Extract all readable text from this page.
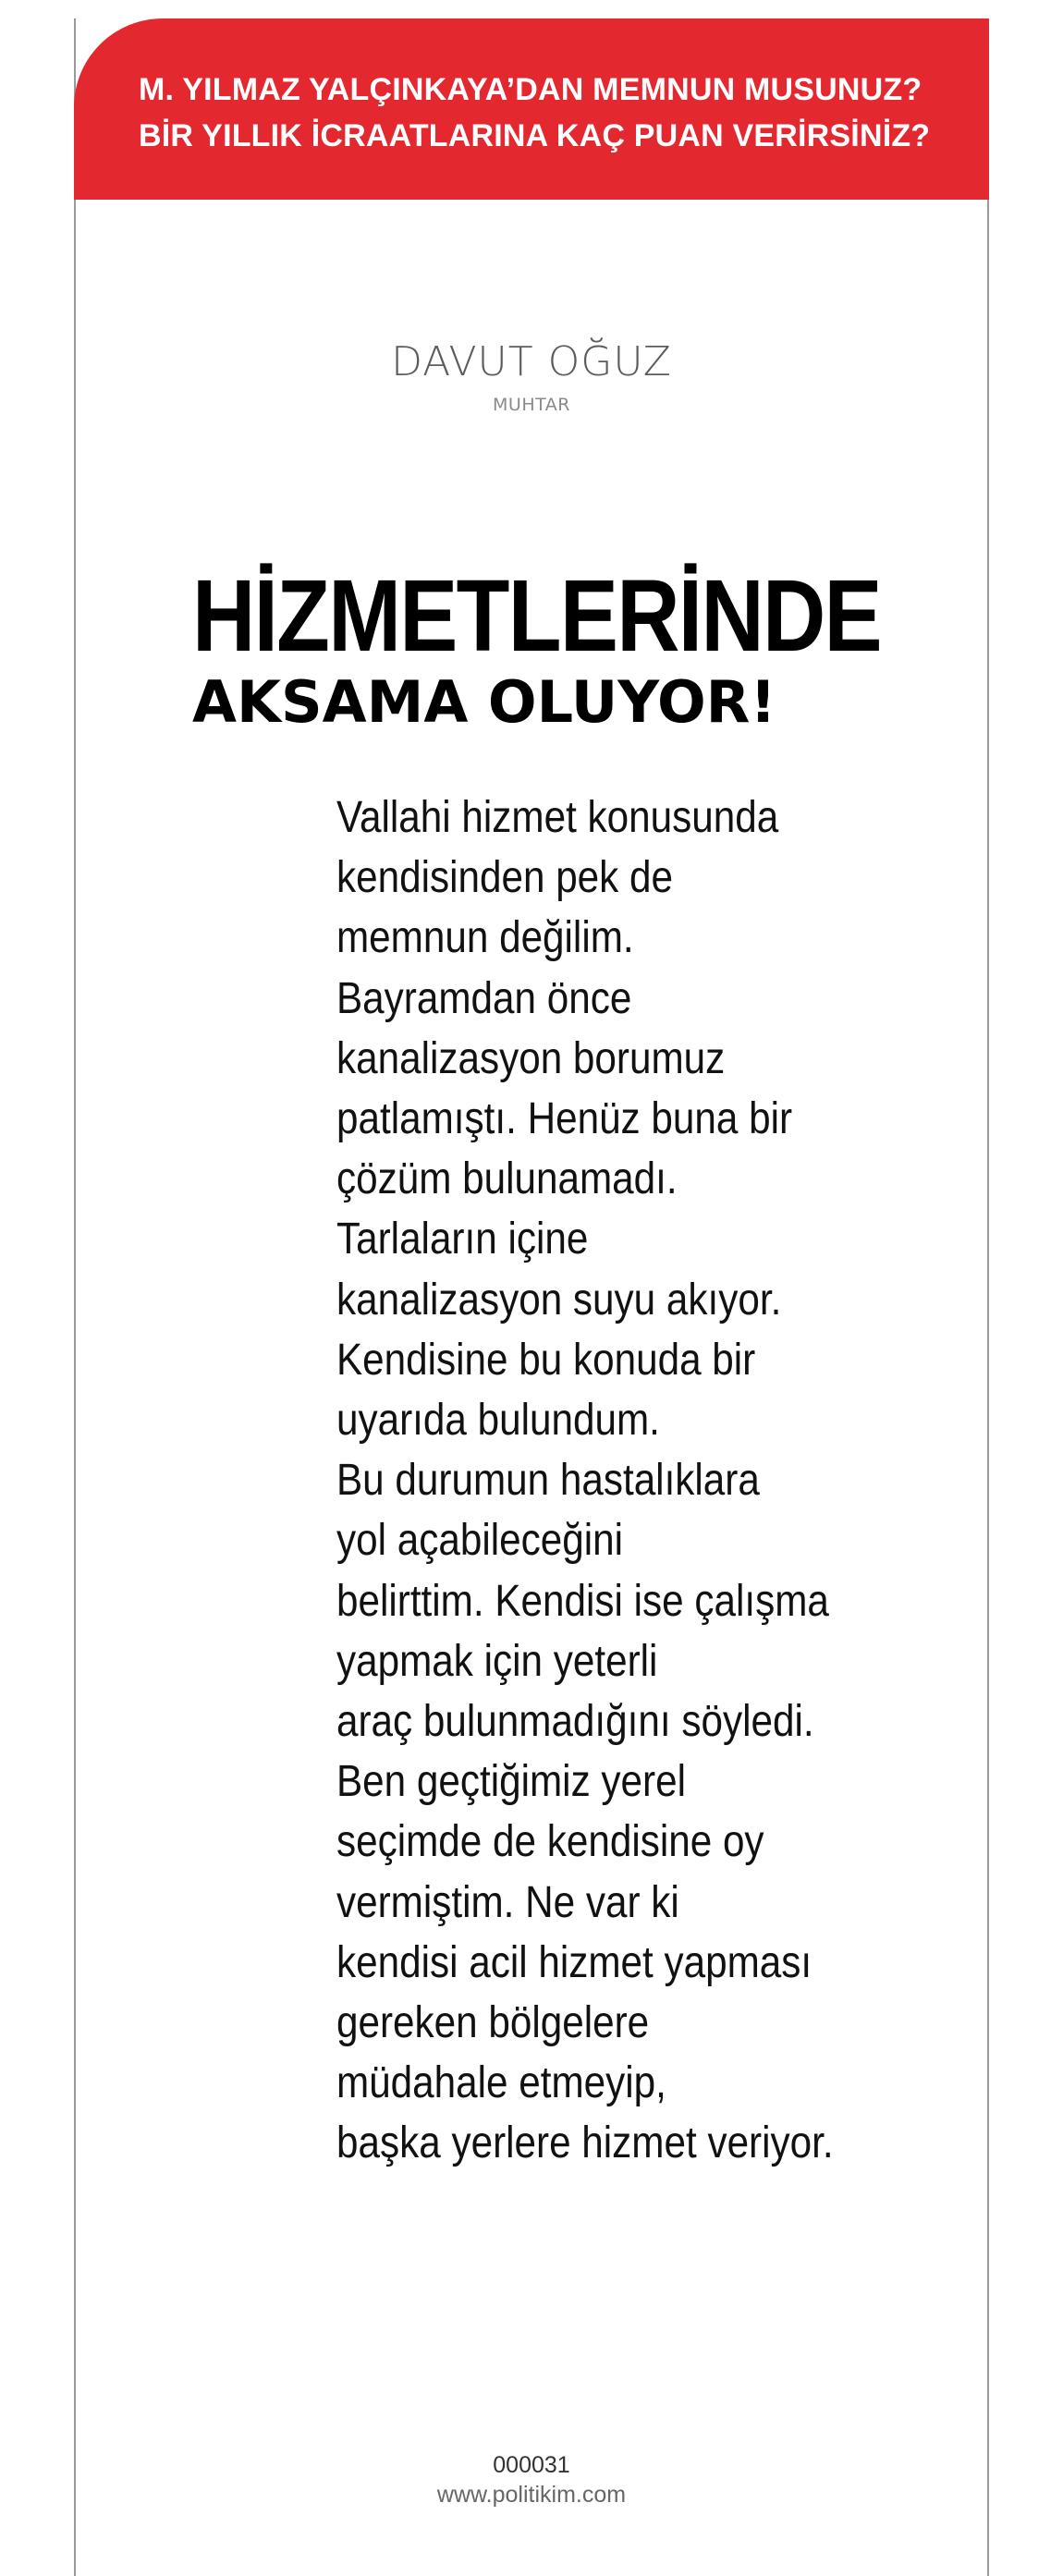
M. YILMAZ YALÇINKAYA’DAN MEMNUN MUSUNUZ?
BİR YILLIK İCRAATLARINA KAÇ PUAN VERİRSİNİZ?
DAVUT OĞUZ
MUHTAR
HİZMETLERİNDE
AKSAMA OLUYOR!
Vallahi hizmet konusunda
kendisinden pek de
memnun değilim.
Bayramdan önce
kanalizasyon borumuz
patlamıştı. Henüz buna bir
çözüm bulunamadı.
Tarlaların içine
kanalizasyon suyu akıyor.
Kendisine bu konuda bir
uyarıda bulundum.
Bu durumun hastalıklara
yol açabileceğini
belirttim. Kendisi ise çalışma
yapmak için yeterli
araç bulunmadığını söyledi.
Ben geçtiğimiz yerel
seçimde de kendisine oy
vermiştim. Ne var ki
kendisi acil hizmet yapması
gereken bölgelere
müdahale etmeyip,
başka yerlere hizmet veriyor.
000031
www.politikim.com
